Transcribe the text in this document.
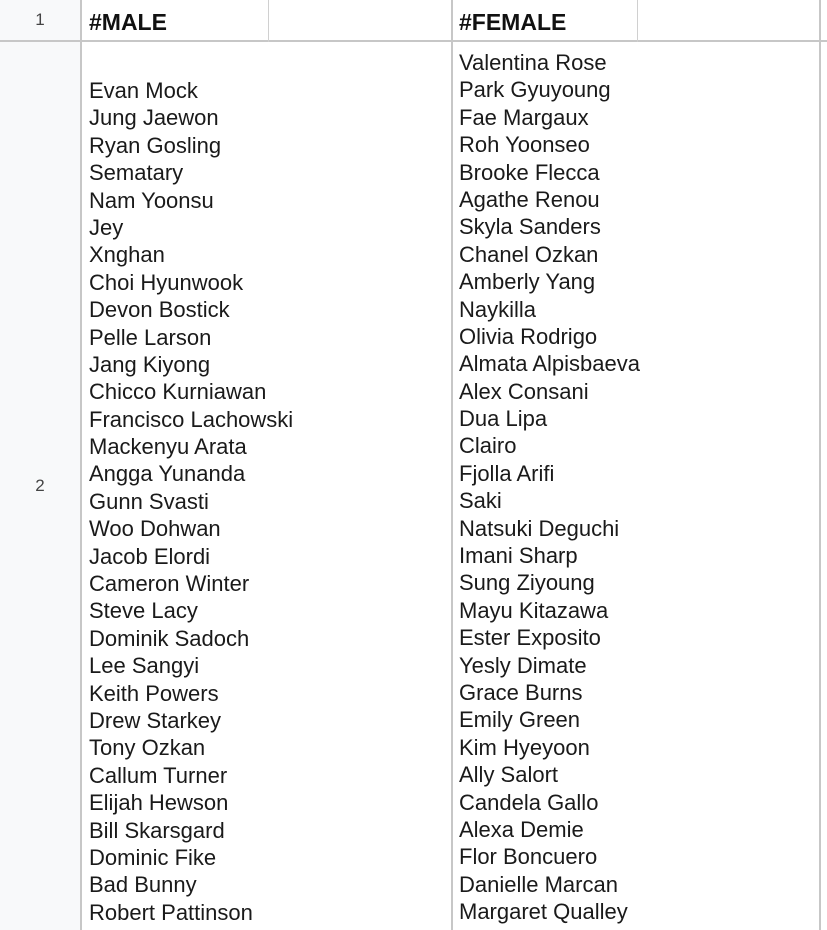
1
2
#MALE	#FEMALE
Evan Mock
Jung Jaewon
Ryan Gosling
Sematary
Nam Yoonsu
Jey
Xnghan
Choi Hyunwook
Devon Bostick
Pelle Larson
Jang Kiyong
Chicco Kurniawan
Francisco Lachowski
Mackenyu Arata
Angga Yunanda
Gunn Svasti
Woo Dohwan
Jacob Elordi
Cameron Winter
Steve Lacy
Dominik Sadoch
Lee Sangyi
Keith Powers
Drew Starkey
Tony Ozkan
Callum Turner
Elijah Hewson
Bill Skarsgard
Dominic Fike
Bad Bunny
Robert Pattinson
Valentina Rose
Park Gyuyoung
Fae Margaux
Roh Yoonseo
Brooke Flecca
Agathe Renou
Skyla Sanders
Chanel Ozkan
Amberly Yang
Naykilla
Olivia Rodrigo
Almata Alpisbaeva
Alex Consani
Dua Lipa
Clairo
Fjolla Arifi
Saki
Natsuki Deguchi
Imani Sharp
Sung Ziyoung
Mayu Kitazawa
Ester Exposito
Yesly Dimate
Grace Burns
Emily Green
Kim Hyeyoon
Ally Salort
Candela Gallo
Alexa Demie
Flor Boncuero
Danielle Marcan
Margaret Qualley
